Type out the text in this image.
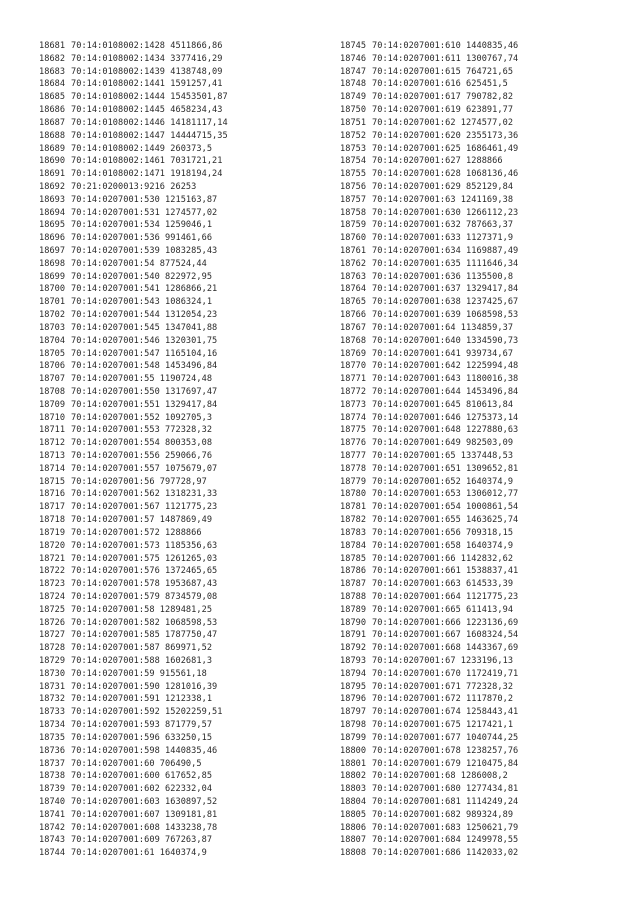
18681 70:14:0108002:1428 4511866,86
18682 70:14:0108002:1434 3377416,29
18683 70:14:0108002:1439 4138748,09
18684 70:14:0108002:1441 1591257,41
18685 70:14:0108002:1444 15453501,87
18686 70:14:0108002:1445 4658234,43
18687 70:14:0108002:1446 14181117,14
18688 70:14:0108002:1447 14444715,35
18689 70:14:0108002:1449 260373,5
18690 70:14:0108002:1461 7031721,21
18691 70:14:0108002:1471 1918194,24
18692 70:21:0200013:9216 26253
18693 70:14:0207001:530 1215163,87
18694 70:14:0207001:531 1274577,02
18695 70:14:0207001:534 1259046,1
18696 70:14:0207001:536 991461,66
18697 70:14:0207001:539 1083285,43
18698 70:14:0207001:54 877524,44
18699 70:14:0207001:540 822972,95
18700 70:14:0207001:541 1286866,21
18701 70:14:0207001:543 1086324,1
18702 70:14:0207001:544 1312054,23
18703 70:14:0207001:545 1347041,88
18704 70:14:0207001:546 1320301,75
18705 70:14:0207001:547 1165104,16
18706 70:14:0207001:548 1453496,84
18707 70:14:0207001:55 1190724,48
18708 70:14:0207001:550 1317697,47
18709 70:14:0207001:551 1329417,84
18710 70:14:0207001:552 1092705,3
18711 70:14:0207001:553 772328,32
18712 70:14:0207001:554 800353,08
18713 70:14:0207001:556 259066,76
18714 70:14:0207001:557 1075679,07
18715 70:14:0207001:56 797728,97
18716 70:14:0207001:562 1318231,33
18717 70:14:0207001:567 1121775,23
18718 70:14:0207001:57 1487869,49
18719 70:14:0207001:572 1288866
18720 70:14:0207001:573 1185356,63
18721 70:14:0207001:575 1261265,03
18722 70:14:0207001:576 1372465,65
18723 70:14:0207001:578 1953687,43
18724 70:14:0207001:579 8734579,08
18725 70:14:0207001:58 1289481,25
18726 70:14:0207001:582 1068598,53
18727 70:14:0207001:585 1787750,47
18728 70:14:0207001:587 869971,52
18729 70:14:0207001:588 1602681,3
18730 70:14:0207001:59 915561,18
18731 70:14:0207001:590 1281016,39
18732 70:14:0207001:591 1212338,1
18733 70:14:0207001:592 15202259,51
18734 70:14:0207001:593 871779,57
18735 70:14:0207001:596 633250,15
18736 70:14:0207001:598 1440835,46
18737 70:14:0207001:60 706490,5
18738 70:14:0207001:600 617652,85
18739 70:14:0207001:602 622332,04
18740 70:14:0207001:603 1630897,52
18741 70:14:0207001:607 1309181,81
18742 70:14:0207001:608 1433238,78
18743 70:14:0207001:609 767263,87
18744 70:14:0207001:61 1640374,9
18745 70:14:0207001:610 1440835,46
18746 70:14:0207001:611 1300767,74
18747 70:14:0207001:615 764721,65
18748 70:14:0207001:616 625451,5
18749 70:14:0207001:617 790782,82
18750 70:14:0207001:619 623891,77
18751 70:14:0207001:62 1274577,02
18752 70:14:0207001:620 2355173,36
18753 70:14:0207001:625 1686461,49
18754 70:14:0207001:627 1288866
18755 70:14:0207001:628 1068136,46
18756 70:14:0207001:629 852129,84
18757 70:14:0207001:63 1241169,38
18758 70:14:0207001:630 1266112,23
18759 70:14:0207001:632 787663,37
18760 70:14:0207001:633 1127371,9
18761 70:14:0207001:634 1169887,49
18762 70:14:0207001:635 1111646,34
18763 70:14:0207001:636 1135500,8
18764 70:14:0207001:637 1329417,84
18765 70:14:0207001:638 1237425,67
18766 70:14:0207001:639 1068598,53
18767 70:14:0207001:64 1134859,37
18768 70:14:0207001:640 1334590,73
18769 70:14:0207001:641 939734,67
18770 70:14:0207001:642 1225994,48
18771 70:14:0207001:643 1180016,38
18772 70:14:0207001:644 1453496,84
18773 70:14:0207001:645 810613,84
18774 70:14:0207001:646 1275373,14
18775 70:14:0207001:648 1227880,63
18776 70:14:0207001:649 982503,09
18777 70:14:0207001:65 1337448,53
18778 70:14:0207001:651 1309652,81
18779 70:14:0207001:652 1640374,9
18780 70:14:0207001:653 1306012,77
18781 70:14:0207001:654 1000861,54
18782 70:14:0207001:655 1463625,74
18783 70:14:0207001:656 709318,15
18784 70:14:0207001:658 1640374,9
18785 70:14:0207001:66 1142832,62
18786 70:14:0207001:661 1538837,41
18787 70:14:0207001:663 614533,39
18788 70:14:0207001:664 1121775,23
18789 70:14:0207001:665 611413,94
18790 70:14:0207001:666 1223136,69
18791 70:14:0207001:667 1608324,54
18792 70:14:0207001:668 1443367,69
18793 70:14:0207001:67 1233196,13
18794 70:14:0207001:670 1172419,71
18795 70:14:0207001:671 772328,32
18796 70:14:0207001:672 1117870,2
18797 70:14:0207001:674 1258443,41
18798 70:14:0207001:675 1217421,1
18799 70:14:0207001:677 1040744,25
18800 70:14:0207001:678 1238257,76
18801 70:14:0207001:679 1210475,84
18802 70:14:0207001:68 1286008,2
18803 70:14:0207001:680 1277434,81
18804 70:14:0207001:681 1114249,24
18805 70:14:0207001:682 989324,89
18806 70:14:0207001:683 1250621,79
18807 70:14:0207001:684 1249978,55
18808 70:14:0207001:686 1142033,02
